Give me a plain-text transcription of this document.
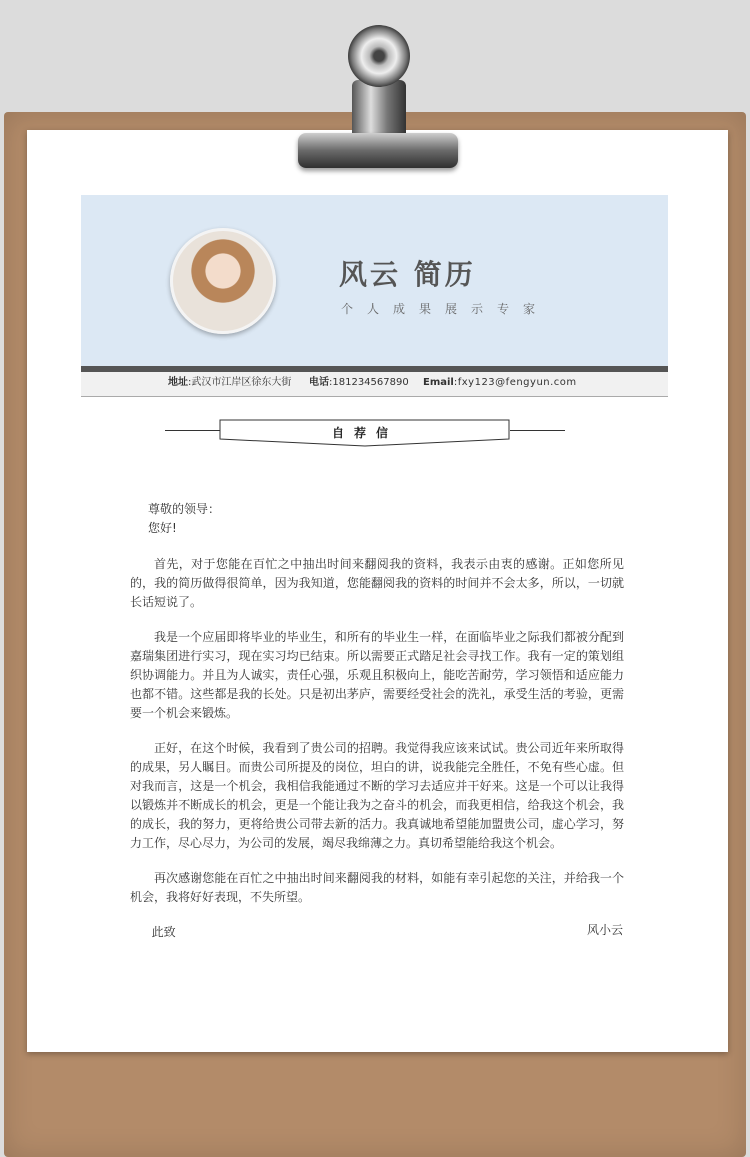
风云 简历
个人成果展示专家
地址:武汉市江岸区徐东大街 电话:181234567890 Email:fxy123@fengyun.com
自荐信

尊敬的领导：

您好!

首先，对于您能在百忙之中抽出时间来翻阅我的资料，我表示由衷的感谢。正如您所见的，我的简历做得很简单，因为我知道，您能翻阅我的资料的时间并不会太多，所以，一切就长话短说了。

我是一个应届即将毕业的毕业生，和所有的毕业生一样，在面临毕业之际我们都被分配到嘉瑞集团进行实习，现在实习均已结束。所以需要正式踏足社会寻找工作。我有一定的策划组织协调能力。并且为人诚实，责任心强，乐观且积极向上，能吃苦耐劳，学习领悟和适应能力也都不错。这些都是我的长处。只是初出茅庐，需要经受社会的洗礼，承受生活的考验，更需要一个机会来锻炼。

正好，在这个时候，我看到了贵公司的招聘。我觉得我应该来试试。贵公司近年来所取得的成果，另人瞩目。而贵公司所提及的岗位，坦白的讲，说我能完全胜任，不免有些心虚。但对我而言，这是一个机会，我相信我能通过不断的学习去适应并干好来。这是一个可以让我得以锻炼并不断成长的机会，更是一个能让我为之奋斗的机会，而我更相信，给我这个机会，我的成长，我的努力，更将给贵公司带去新的活力。我真诚地希望能加盟贵公司，虚心学习，努力工作，尽心尽力，为公司的发展，竭尽我绵薄之力。真切希望能给我这个机会。

再次感谢您能在百忙之中抽出时间来翻阅我的材料，如能有幸引起您的关注，并给我一个机会，我将好好表现，不失所望。

此致	风小云
